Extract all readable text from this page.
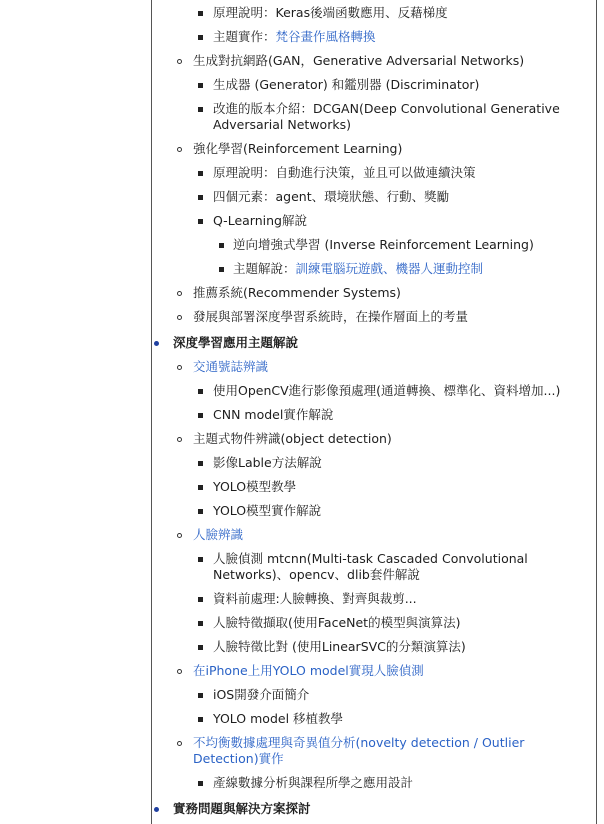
原理說明：Keras後端函數應用、反藉梯度
主題實作：梵谷畫作風格轉換
生成對抗網路(GAN，Generative Adversarial Networks)
生成器 (Generator) 和鑑別器 (Discriminator)
改進的版本介紹：DCGAN(Deep Convolutional Generative Adversarial Networks)
強化學習(Reinforcement Learning)
原理說明：自動進行決策，並且可以做連續決策
四個元素：agent、環境狀態、行動、獎勵
Q-Learning解說
逆向增強式學習 (Inverse Reinforcement Learning)
主題解說：訓練電腦玩遊戲、機器人運動控制
推薦系統(Recommender Systems)
發展與部署深度學習系統時，在操作層面上的考量
深度學習應用主題解說
交通號誌辨識
使用OpenCV進行影像預處理(通道轉換、標準化、資料增加...)
CNN model實作解說
主題式物件辨識(object detection)
影像Lable方法解說
YOLO模型教學
YOLO模型實作解說
人臉辨識
人臉偵測 mtcnn(Multi-task Cascaded Convolutional Networks)、opencv、dlib套件解說
資料前處理:人臉轉換、對齊與裁剪...
人臉特徵擷取(使用FaceNet的模型與演算法)
人臉特徵比對 (使用LinearSVC的分類演算法)
在iPhone上用YOLO model實現人臉偵測
iOS開發介面簡介
YOLO model 移植教學
不均衡數據處理與奇異值分析(novelty detection / Outlier Detection)實作
產線數據分析與課程所學之應用設計
實務問題與解決方案探討
